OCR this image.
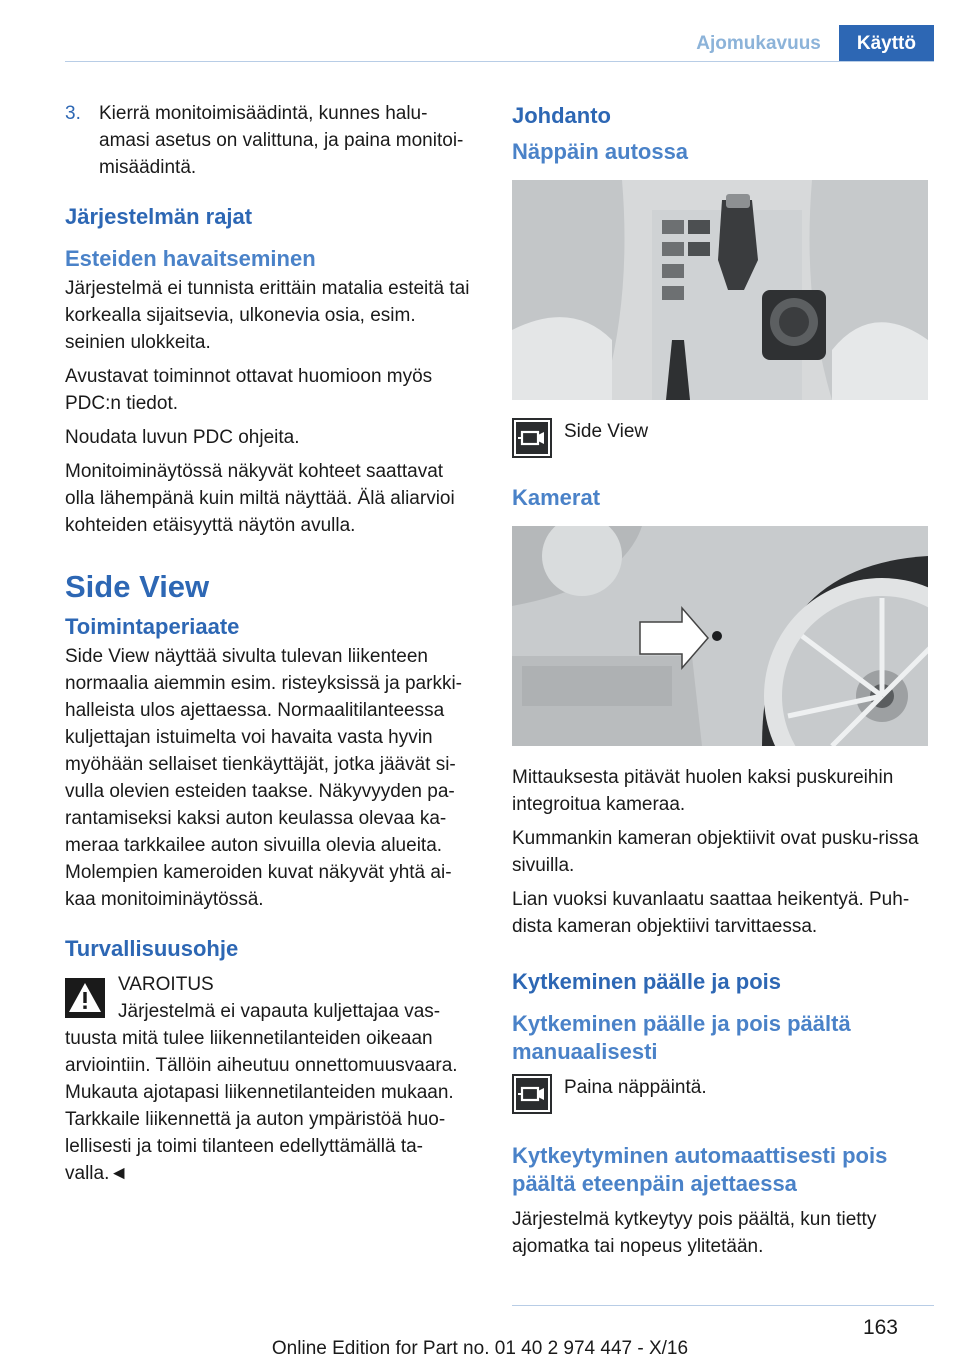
Ajomukavuus	Käyttö
3. Kierrä monitoimisäädintä, kunnes halu-amasi asetus on valittuna, ja paina monitoi-misäädintä.
Järjestelmän rajat
Esteiden havaitseminen

Järjestelmä ei tunnista erittäin matalia esteitä tai korkealla sijaitsevia, ulkonevia osia, esim. seinien ulokkeita.

Avustavat toiminnot ottavat huomioon myös PDC:n tiedot.

Noudata luvun PDC ohjeita.

Monitoiminäytössä näkyvät kohteet saattavat olla lähempänä kuin miltä näyttää. Älä aliarvioi kohteiden etäisyyttä näytön avulla.

Side View
Toimintaperiaate

Side View näyttää sivulta tulevan liikenteen normaalia aiemmin esim. risteyksissä ja parkki-halleista ulos ajettaessa. Normaalitilanteessa kuljettajan istuimelta voi havaita vasta hyvin myöhään sellaiset tienkäyttäjät, jotka jäävät si-vulla olevien esteiden taakse. Näkyvyyden pa-rantamiseksi kaksi auton keulassa olevaa ka-meraa tarkkailee auton sivuilla olevia alueita. Molempien kameroiden kuvat näkyvät yhtä ai-kaa monitoiminäytössä.

Turvallisuusohje
VAROITUS
Järjestelmä ei vapauta kuljettajaa vas-
tuusta mitä tulee liikennetilanteiden oikeaan arviointiin. Tällöin aiheutuu onnettomuusvaara. Mukauta ajotapasi liikennetilanteiden mukaan. Tarkkaile liikennettä ja auton ympäristöä huo-lellisesti ja toimi tilanteen edellyttämällä ta-valla.◄
Johdanto
Näppäin autossa
Side View
Kamerat

Mittauksesta pitävät huolen kaksi puskureihin integroitua kameraa.

Kummankin kameran objektiivit ovat pusku-rissa sivuilla.

Lian vuoksi kuvanlaatu saattaa heikentyä. Puh-dista kameran objektiivi tarvittaessa.

Kytkeminen päälle ja pois
Kytkeminen päälle ja pois päältä manuaalisesti
Paina näppäintä.
Kytkeytyminen automaattisesti pois päältä eteenpäin ajettaessa

Järjestelmä kytkeytyy pois päältä, kun tietty ajomatka tai nopeus ylitetään.

163
Online Edition for Part no. 01 40 2 974 447 - X/16
